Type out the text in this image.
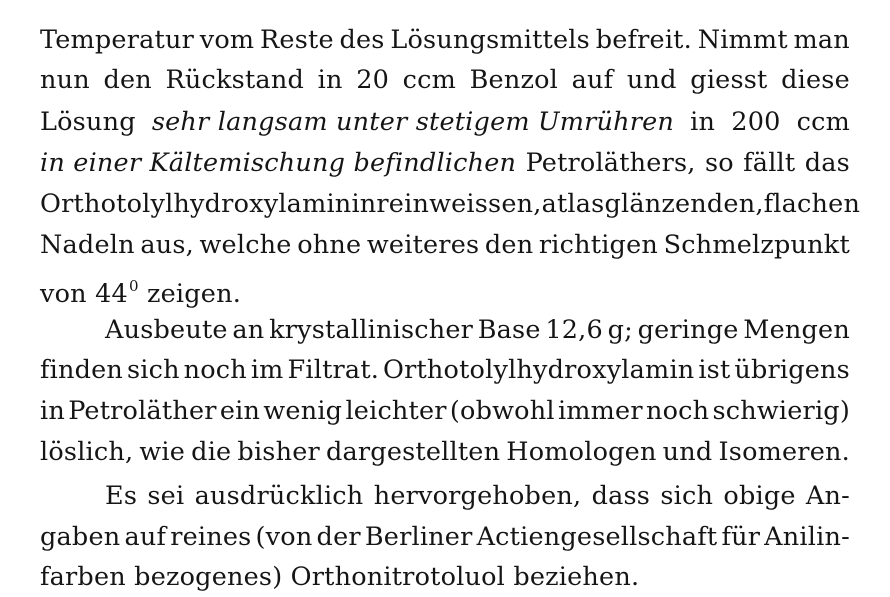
Temperatur vom Reste des Lösungsmittels befreit. Nimmt man
nun den Rückstand in 20 ccm Benzol auf und giesst diese
Lösung sehr langsam unter stetigem Umrühren in 200 ccm
in einer Kältemischung befindlichen Petroläthers, so fällt das
Orthotolylhydroxylamin in rein weissen, atlasglänzenden, flachen
Nadeln aus, welche ohne weiteres den richtigen Schmelzpunkt
von $44^0$ zeigen.
Ausbeute an krystallinischer Base 12,6 g; geringe Mengen
finden sich noch im Filtrat. Orthotolylhydroxylamin ist übrigens
in Petroläther ein wenig leichter (obwohl immer noch schwierig)
löslich, wie die bisher dargestellten Homologen und Isomeren.
Es sei ausdrücklich hervorgehoben, dass sich obige An-
gaben auf reines (von der Berliner Actiengesellschaft für Anilin-
farben bezogenes) Orthonitrotoluol beziehen.
